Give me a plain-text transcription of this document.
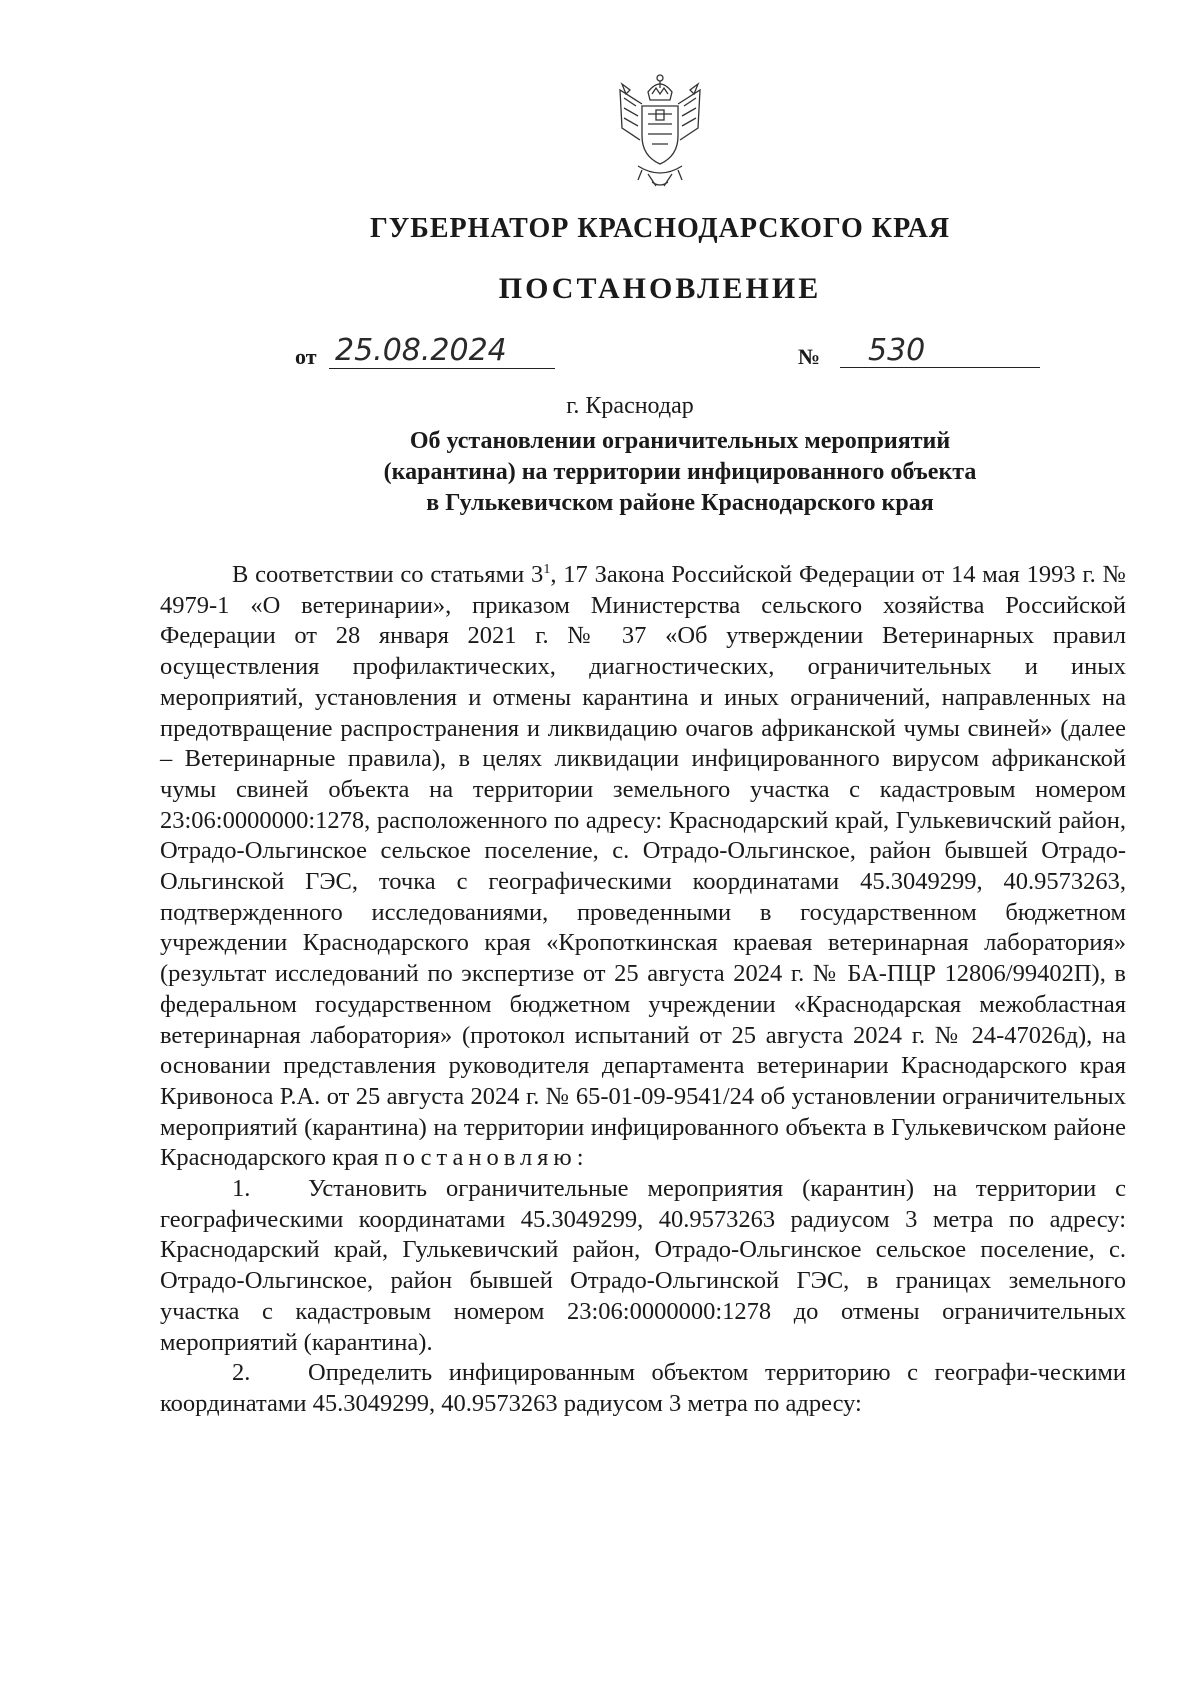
ГУБЕРНАТОР КРАСНОДАРСКОГО КРАЯ
ПОСТАНОВЛЕНИЕ
от 25.08.2024	№	530
г. Краснодар
Об установлении ограничительных мероприятий
(карантина) на территории инфицированного объекта
в Гулькевичском районе Краснодарского края

В соответствии со статьями $3^1$, 17 Закона Российской Федерации от 14 мая 1993 г. № 4979-1 «О ветеринарии», приказом Министерства сельского хозяйства Российской Федерации от 28 января 2021 г. № 37 «Об утверждении Ветеринарных правил осуществления профилактических, диагностических, ограничительных и иных мероприятий, установления и отмены карантина и иных ограничений, направленных на предотвращение распространения и ликвидацию очагов африканской чумы свиней» (далее – Ветеринарные правила), в целях ликвидации инфицированного вирусом африканской чумы свиней объекта на территории земельного участка с кадастровым номером 23:06:0000000:1278, расположенного по адресу: Краснодарский край, Гулькевичский район, Отрадо-Ольгинское сельское поселение, с. Отрадо-Ольгинское, район бывшей Отрадо-Ольгинской ГЭС, точка с географическими координатами 45.3049299, 40.9573263, подтвержденного исследованиями, проведенными в государственном бюджетном учреждении Краснодарского края «Кропоткинская краевая ветеринарная лаборатория» (результат исследований по экспертизе от 25 августа 2024 г. № БА-ПЦР 12806/99402П), в федеральном государственном бюджетном учреждении «Краснодарская межобластная ветеринарная лаборатория» (протокол испытаний от 25 августа 2024 г. № 24-47026д), на основании представления руководителя департамента ветеринарии Краснодарского края Кривоноса Р.А. от 25 августа 2024 г. № 65-01-09-9541/24 об установлении ограничительных мероприятий (карантина) на территории инфицированного объекта в Гулькевичском районе Краснодарского края постановляю:

1. Установить ограничительные мероприятия (карантин) на территории с географическими координатами 45.3049299, 40.9573263 радиусом 3 метра по адресу: Краснодарский край, Гулькевичский район, Отрадо-Ольгинское сельское поселение, с. Отрадо-Ольгинское, район бывшей Отрадо-Ольгинской ГЭС, в границах земельного участка с кадастровым номером 23:06:0000000:1278 до отмены ограничительных мероприятий (карантина).

2. Определить инфицированным объектом территорию с географи-ческими координатами 45.3049299, 40.9573263 радиусом 3 метра по адресу:
